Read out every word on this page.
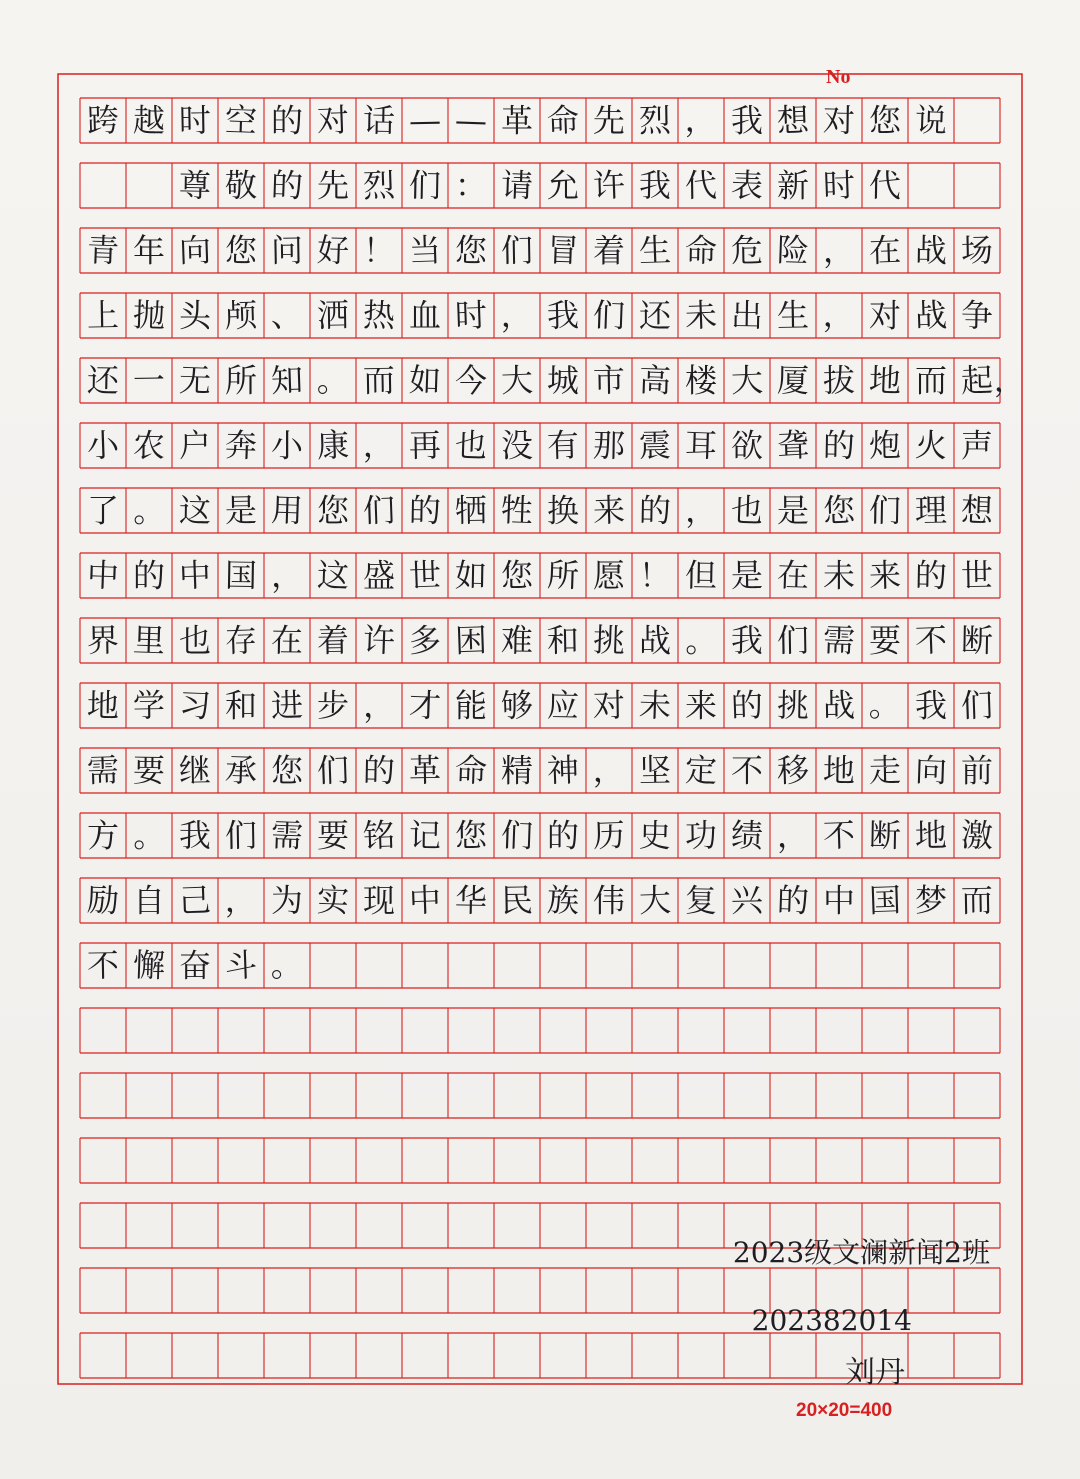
跨 越 时 空 的 对 话 — — 革 命 先 烈 ， 我 想 对 您 说
尊 敬 的 先 烈 们 ： 请 允 许 我 代 表 新 时 代
青 年 向 您 问 好 ！ 当 您 们 冒 着 生 命 危 险 ， 在 战 场
上 抛 头 颅 、 洒 热 血 时 ， 我 们 还 未 出 生 ， 对 战 争
还 一 无 所 知 。 而 如 今 大 城 市 高 楼 大 厦 拔 地 而 起 ，
小 农 户 奔 小 康 ， 再 也 没 有 那 震 耳 欲 聋 的 炮 火 声
了 。 这 是 用 您 们 的 牺 牲 换 来 的 ， 也 是 您 们 理 想
中 的 中 国 ， 这 盛 世 如 您 所 愿 ！ 但 是 在 未 来 的 世
界 里 也 存 在 着 许 多 困 难 和 挑 战 。 我 们 需 要 不 断
地 学 习 和 进 步 ， 才 能 够 应 对 未 来 的 挑 战 。 我 们
需 要 继 承 您 们 的 革 命 精 神 ， 坚 定 不 移 地 走 向 前
方 。 我 们 需 要 铭 记 您 们 的 历 史 功 绩 ， 不 断 地 激
励 自 己 ， 为 实 现 中 华 民 族 伟 大 复 兴 的 中 国 梦 而
不 懈 奋 斗 。
2023级文澜新闻2班
202382014
刘丹
No
20×20=400
